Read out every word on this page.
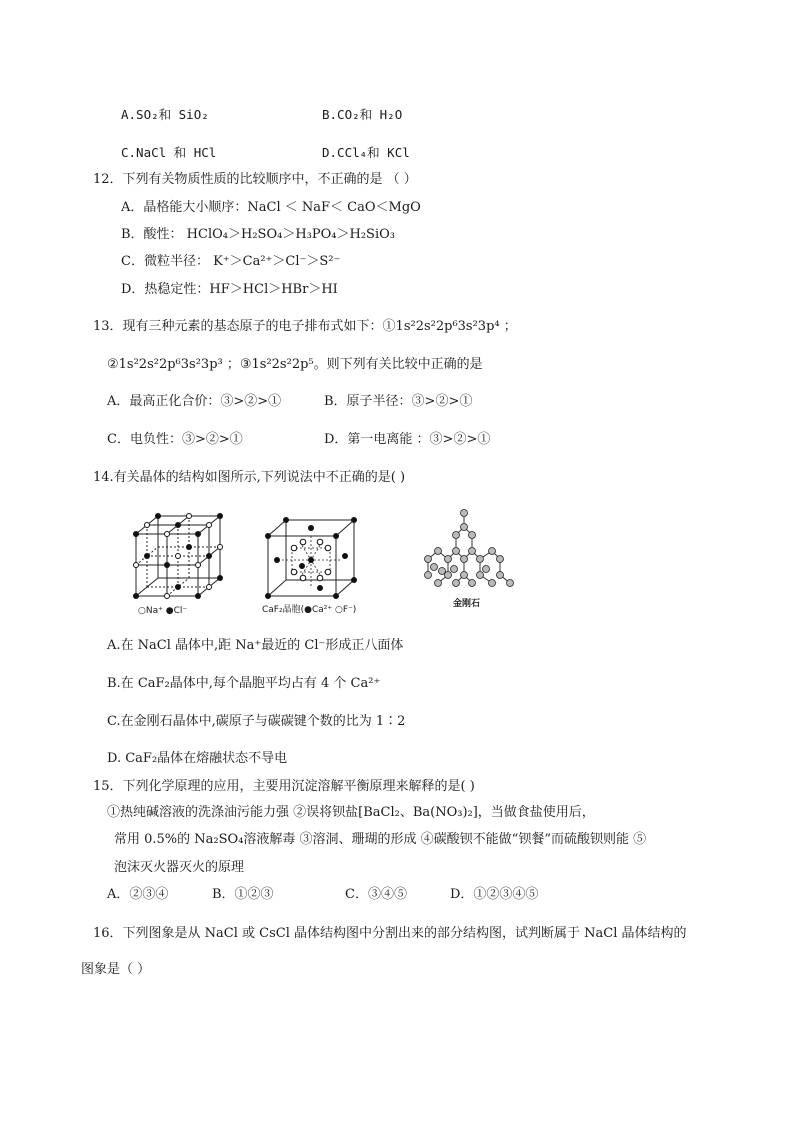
A.SO₂和 SiO₂	B.CO₂和 H₂O
C.NaCl 和 HCl	D.CCl₄和 KCl
12．下列有关物质性质的比较顺序中，不正确的是 （ ）
A．晶格能大小顺序：NaCl ＜ NaF＜ CaO＜MgO
B．酸性： HClO₄＞H₂SO₄＞H₃PO₄＞H₂SiO₃
C．微粒半径： K⁺＞Ca²⁺＞Cl⁻＞S²⁻
D．热稳定性：HF＞HCl＞HBr＞HI
13．现有三种元素的基态原子的电子排布式如下：①1s²2s²2p⁶3s²3p⁴ ；
②1s²2s²2p⁶3s²3p³ ；③1s²2s²2p⁵。则下列有关比较中正确的是
A．最高正化合价：③>②>①	B．原子半径：③>②>①
C．电负性：③>②>①	D．第一电离能 ：③>②>①
14.有关晶体的结构如图所示,下列说法中不正确的是( )
○Na⁺ ●Cl⁻	CaF₂晶胞(●Ca²⁺ ○F⁻)
金刚石
A.在 NaCl 晶体中,距 Na⁺最近的 Cl⁻形成正八面体
B.在 CaF₂晶体中,每个晶胞平均占有 4 个 Ca²⁺
C.在金刚石晶体中,碳原子与碳碳键个数的比为 1∶2
D. CaF₂晶体在熔融状态不导电
15．下列化学原理的应用，主要用沉淀溶解平衡原理来解释的是( )
①热纯碱溶液的洗涤油污能力强 ②误将钡盐[BaCl₂、Ba(NO₃)₂]，当做食盐使用后，
常用 0.5%的 Na₂SO₄溶液解毒 ③溶洞、珊瑚的形成 ④碳酸钡不能做“钡餐”而硫酸钡则能 ⑤
泡沫灭火器灭火的原理
A．②③④	B．①②③	C．③④⑤	D．①②③④⑤
16．下列图象是从 NaCl 或 CsCl 晶体结构图中分割出来的部分结构图，试判断属于 NaCl 晶体结构的
图象是（ ）
